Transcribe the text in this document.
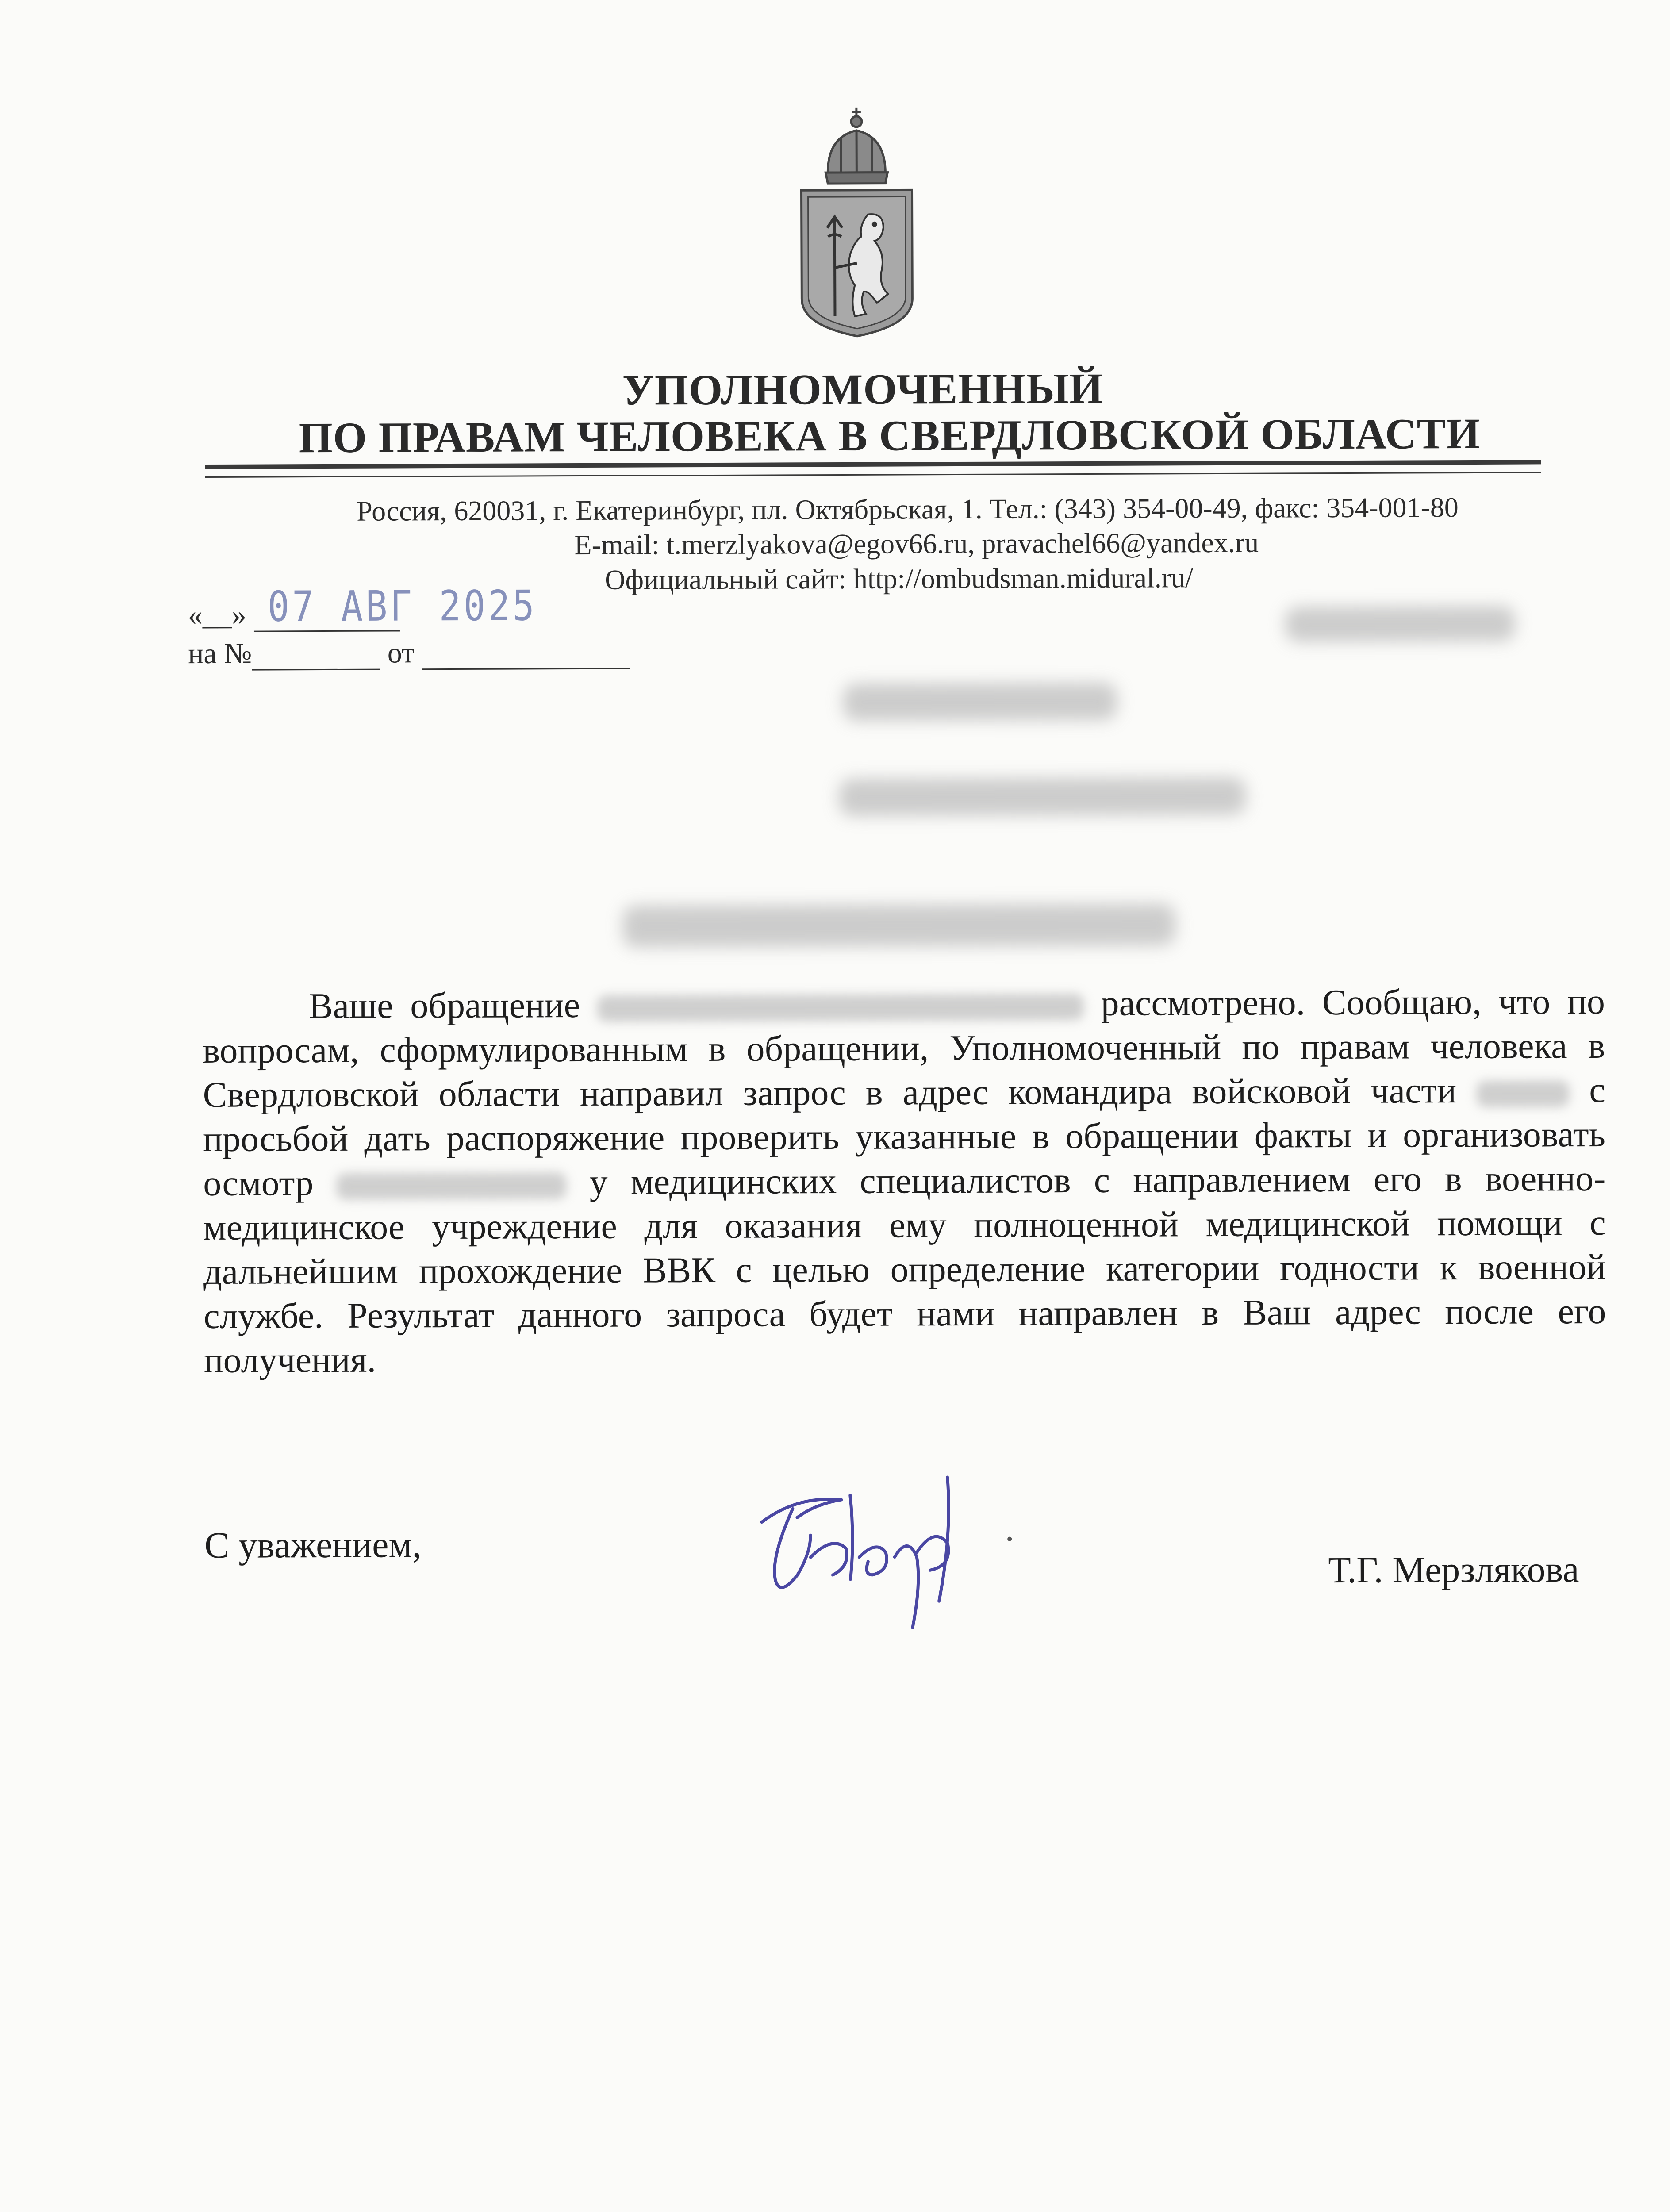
УПОЛНОМОЧЕННЫЙ
ПО ПРАВАМ ЧЕЛОВЕКА В СВЕРДЛОВСКОЙ ОБЛАСТИ
Россия, 620031, г. Екатеринбург, пл. Октябрьская, 1. Тел.: (343) 354-00-49, факс: 354-001-80
E-mail: t.merzlyakova@egov66.ru, pravachel66@yandex.ru
Официальный сайт: http://ombudsman.midural.ru/
«__» 07 АВГ 2025
на №	от

Ваше обращение	рассмотрено. Сообщаю, что по вопросам, сформулированным в обращении, Уполномоченный по правам человека в Свердловской области направил запрос в адрес командира войсковой части	с просьбой дать распоряжение проверить указанные в обращении факты и организовать осмотр	у медицинских специалистов с направлением его в военно-медицинское учреждение для оказания ему полноценной медицинской помощи с дальнейшим прохождение ВВК с целью определение категории годности к военной службе. Результат данного запроса будет нами направлен в Ваш адрес после его получения.

С уважением,
Т.Г. Мерзлякова
